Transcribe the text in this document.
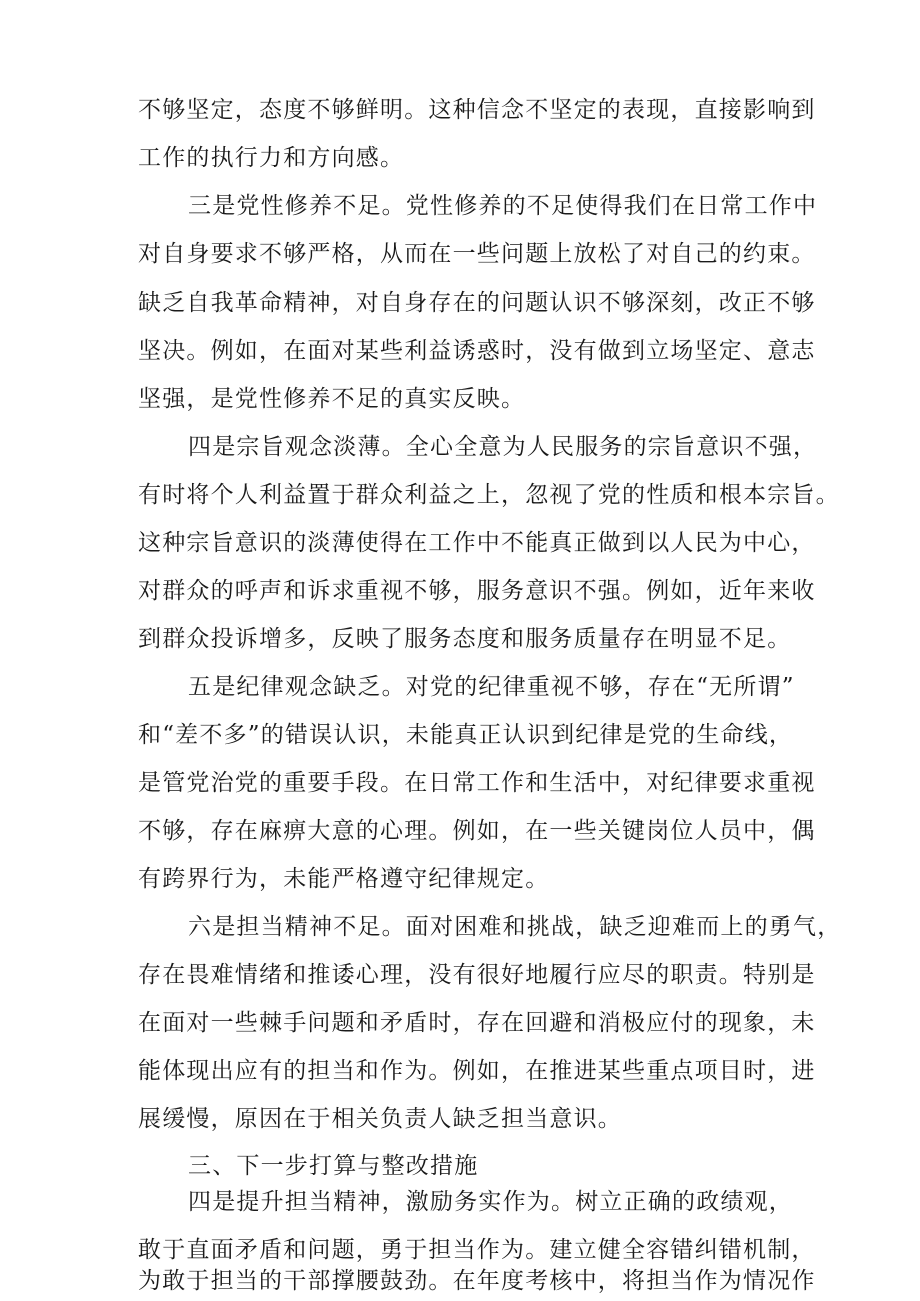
不够坚定，态度不够鲜明。这种信念不坚定的表现，直接影响到
工作的执行力和方向感。
三是党性修养不足。党性修养的不足使得我们在日常工作中
对自身要求不够严格，从而在一些问题上放松了对自己的约束。
缺乏自我革命精神，对自身存在的问题认识不够深刻，改正不够
坚决。例如，在面对某些利益诱惑时，没有做到立场坚定、意志
坚强，是党性修养不足的真实反映。
四是宗旨观念淡薄。全心全意为人民服务的宗旨意识不强，
有时将个人利益置于群众利益之上，忽视了党的性质和根本宗旨。
这种宗旨意识的淡薄使得在工作中不能真正做到以人民为中心，
对群众的呼声和诉求重视不够，服务意识不强。例如，近年来收
到群众投诉增多，反映了服务态度和服务质量存在明显不足。
五是纪律观念缺乏。对党的纪律重视不够，存在“无所谓”
和“差不多”的错误认识，未能真正认识到纪律是党的生命线，
是管党治党的重要手段。在日常工作和生活中，对纪律要求重视
不够，存在麻痹大意的心理。例如，在一些关键岗位人员中，偶
有跨界行为，未能严格遵守纪律规定。
六是担当精神不足。面对困难和挑战，缺乏迎难而上的勇气，
存在畏难情绪和推诿心理，没有很好地履行应尽的职责。特别是
在面对一些棘手问题和矛盾时，存在回避和消极应付的现象，未
能体现出应有的担当和作为。例如，在推进某些重点项目时，进
展缓慢，原因在于相关负责人缺乏担当意识。
三、下一步打算与整改措施
四是提升担当精神，激励务实作为。树立正确的政绩观，
敢于直面矛盾和问题，勇于担当作为。建立健全容错纠错机制，
为敢于担当的干部撑腰鼓劲。在年度考核中，将担当作为情况作
